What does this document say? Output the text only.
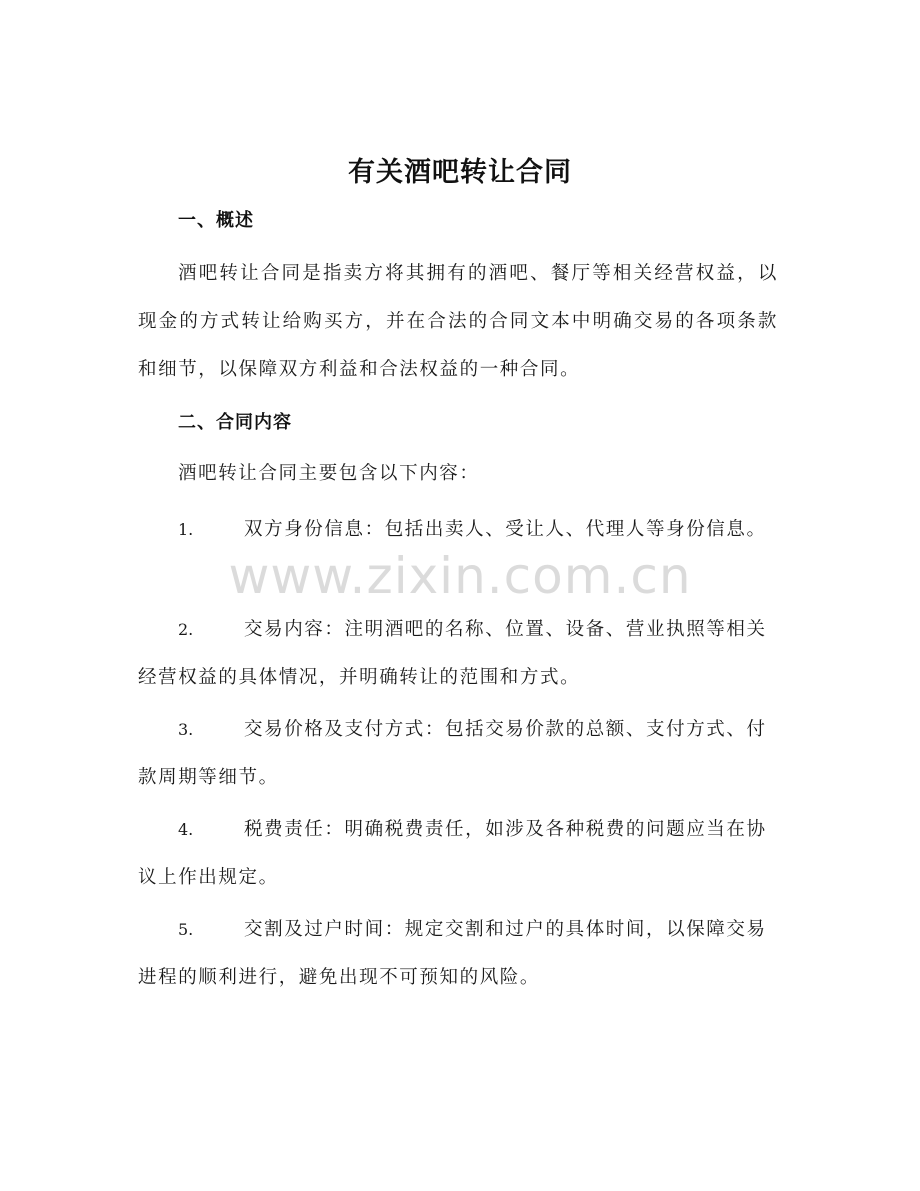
有关酒吧转让合同
一、概述
酒吧转让合同是指卖方将其拥有的酒吧、餐厅等相关经营权益，以现金的方式转让给购买方，并在合法的合同文本中明确交易的各项条款和细节，以保障双方利益和合法权益的一种合同。
二、合同内容
酒吧转让合同主要包含以下内容：
1.	双方身份信息：包括出卖人、受让人、代理人等身份信息。
2.	交易内容：注明酒吧的名称、位置、设备、营业执照等相关经营权益的具体情况，并明确转让的范围和方式。
3.	交易价格及支付方式：包括交易价款的总额、支付方式、付款周期等细节。
4.	税费责任：明确税费责任，如涉及各种税费的问题应当在协议上作出规定。
5.	交割及过户时间：规定交割和过户的具体时间，以保障交易进程的顺利进行，避免出现不可预知的风险。
www.zixin.com.cn
